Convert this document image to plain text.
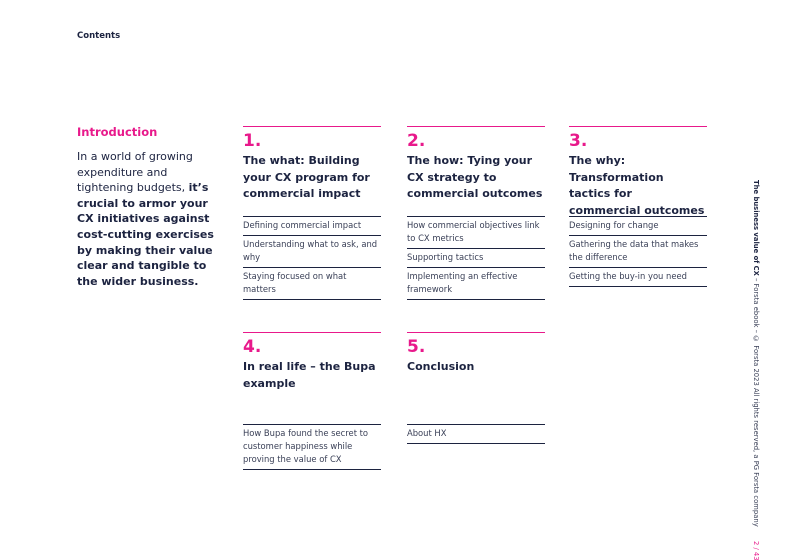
Contents
Introduction

In a world of growing expenditure and tightening budgets, it’s crucial to armor your CX initiatives against cost-cutting exercises by making their value clear and tangible to the wider business.

1.
The what: Building your CX program for commercial impact
Defining commercial impact
Understanding what to ask, and why
Staying focused on what matters
2.
The how: Tying your CX strategy to commercial outcomes
How commercial objectives link to CX metrics
Supporting tactics
Implementing an effective framework
3.
The why: Transformation tactics for commercial outcomes
Designing for change
Gathering the data that makes the difference
Getting the buy-in you need
4.
In real life – the Bupa example
How Bupa found the secret to customer happiness while proving the value of CX
5.
Conclusion
About HX
The business value of CX – Forsta ebook – © Forsta 2023 All rights reserved, a PG Forsta company2 / 43
